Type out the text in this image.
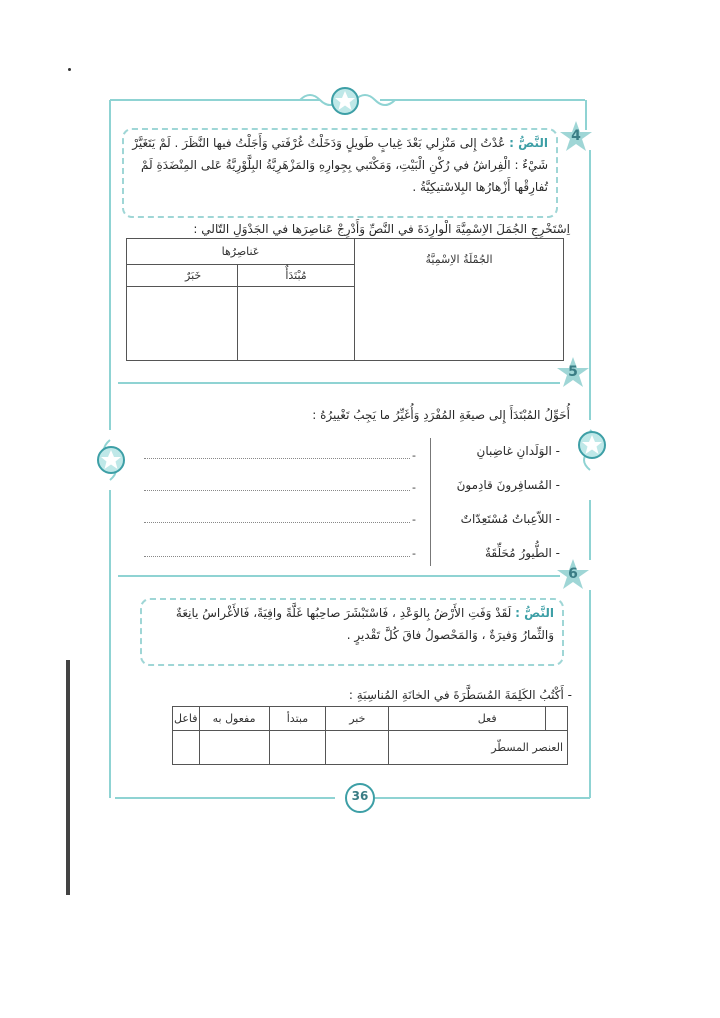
4
5
6
النَّصُّ : عُدْتُ إِلى مَنْزِلي بَعْدَ غِيابٍ طَويلٍ وَدَخَلْتُ غُرْفَتي وَأَجَلْتُ فيها النَّظَرَ . لَمْ يَتَغَيَّرْ شَيْءٌ : الْفِراشُ في رُكْنِ الْبَيْتِ، وَمَكْتَبي بِجِوارِهِ وَالمَزْهَرِيَّةُ البِلَّوْرِيَّةُ عَلى المِنْضَدَةِ لَمْ تُفارِقْها أَزْهارُها البِلاسْتيكِيَّةُ .
اِسْتَخْرِجِ الجُمَلَ الاِسْمِيَّةَ الْوارِدَةَ في النَّصِّ وَأَدْرِجْ عَناصِرَها في الجَدْوَلِ التّالي :
الجُمْلَةُ الاِسْمِيَّةُ	عَناصِرُها	
	مُبْتَدَأٌ	خَبَرٌ

أُحَوِّلُ المُبْتَدَأَ إِلى صيغَةِ المُفْرَدِ وَأُغَيِّرُ ما يَجِبُ تَغْييرُهُ :
- الوَلَدانِ غاضِبانِ
- المُسافِرونَ قادِمونَ
- اللاّعِباتُ مُسْتَعِدّاتٌ
- الطُّيورُ مُحَلِّقَةٌ
-
-
-
-
النَّصُّ : لَقَدْ وَفَتِ الأَرْضُ بِالوَعْدِ ، فَاسْتَبْشَرَ صاحِبُها غَلَّةً وافِيَةً، فَالأَغْراسُ يانِعَةٌ وَالثِّمارُ وَفيرَةٌ ، وَالمَحْصولُ فاقَ كُلَّ تَقْديرٍ .
- أَكْتُبُ الكَلِمَةَ المُسَطَّرَةَ في الخانَةِ المُناسِبَةِ :
	فعل	خبر	مبتدأ	مفعول به	فاعل
العنصر المسطّر					
36
